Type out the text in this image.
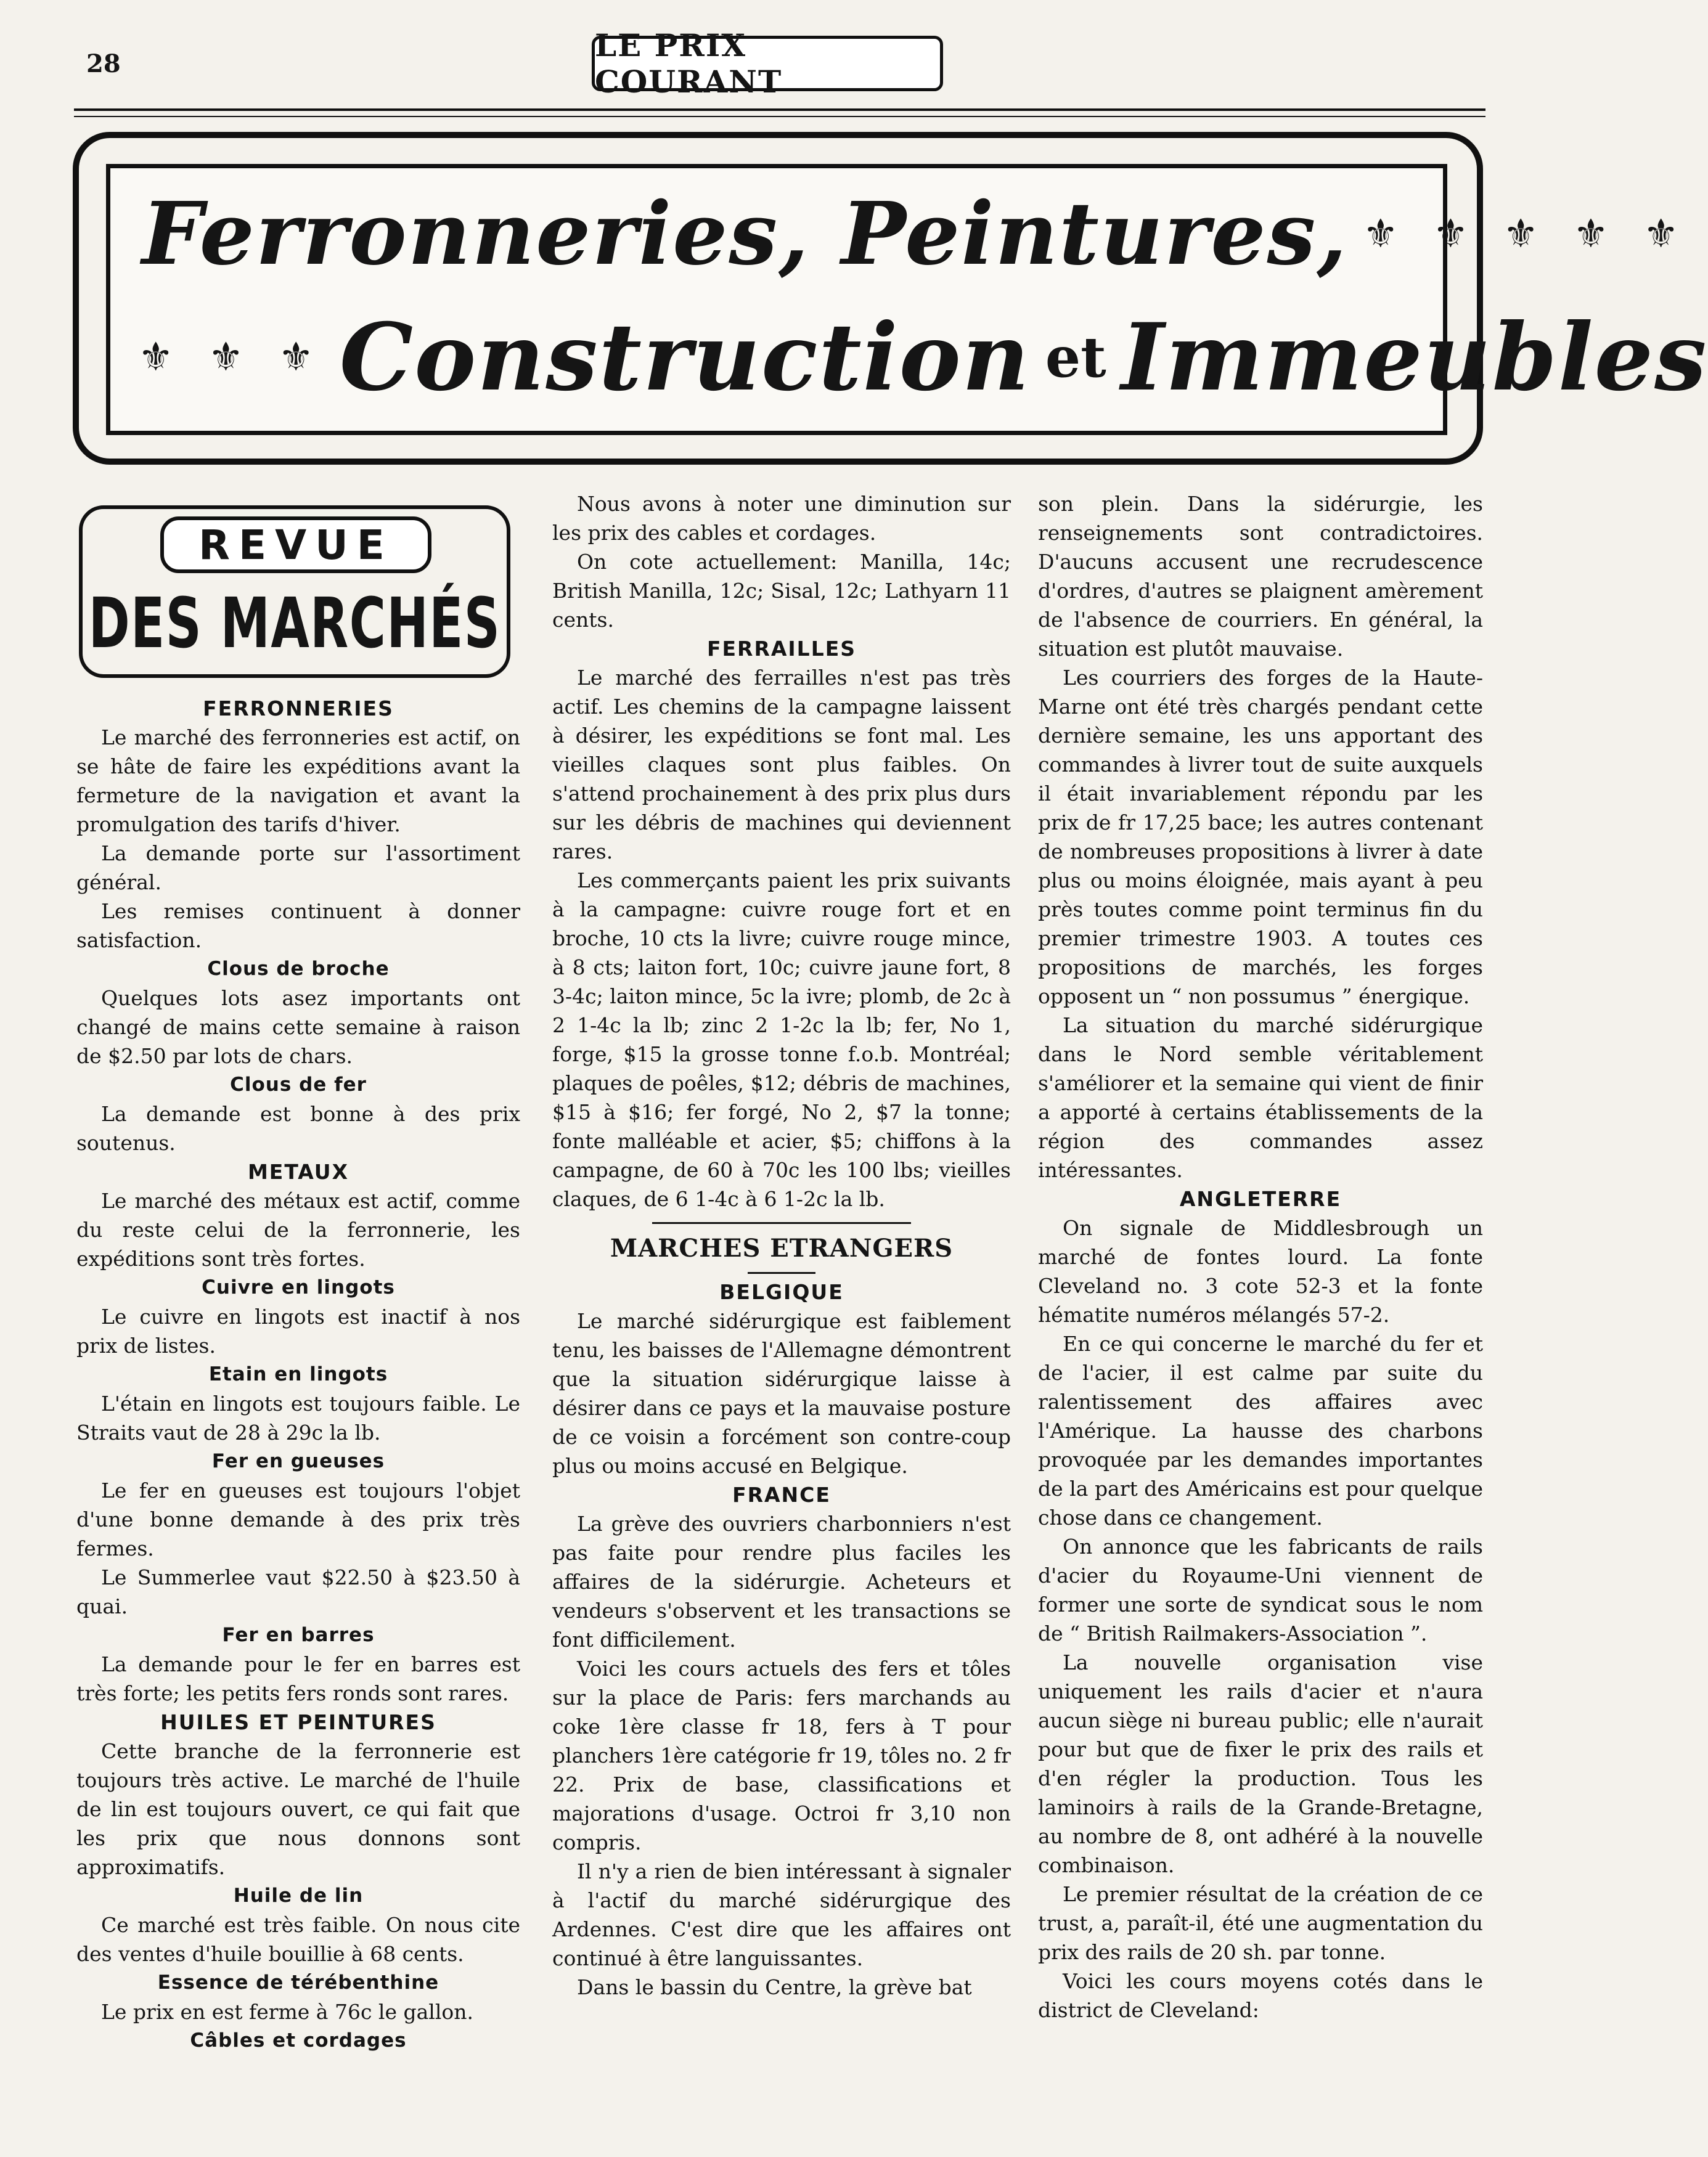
28
LE PRIX COURANT
Ferronneries, Peintures, ⚜ ⚜ ⚜ ⚜ ⚜
⚜ ⚜ ⚜ Construction et Immeubles
REVUE
DES MARCHÉS
FERRONNERIES

Le marché des ferronneries est actif, on se hâte de faire les expéditions avant la fermeture de la navigation et avant la promulgation des tarifs d'hiver.

La demande porte sur l'assortiment général.

Les remises continuent à donner satisfaction.

Clous de broche

Quelques lots asez importants ont changé de mains cette semaine à raison de $2.50 par lots de chars.

Clous de fer

La demande est bonne à des prix soutenus.

METAUX

Le marché des métaux est actif, comme du reste celui de la ferronnerie, les expéditions sont très fortes.

Cuivre en lingots

Le cuivre en lingots est inactif à nos prix de listes.

Etain en lingots

L'étain en lingots est toujours faible. Le Straits vaut de 28 à 29c la lb.

Fer en gueuses

Le fer en gueuses est toujours l'objet d'une bonne demande à des prix très fermes.

Le Summerlee vaut $22.50 à $23.50 à quai.

Fer en barres

La demande pour le fer en barres est très forte; les petits fers ronds sont rares.

HUILES ET PEINTURES

Cette branche de la ferronnerie est toujours très active. Le marché de l'huile de lin est toujours ouvert, ce qui fait que les prix que nous donnons sont approximatifs.

Huile de lin

Ce marché est très faible. On nous cite des ventes d'huile bouillie à 68 cents.

Essence de térébenthine

Le prix en est ferme à 76c le gallon.

Câbles et cordages

Nous avons à noter une diminution sur les prix des cables et cordages.

On cote actuellement: Manilla, 14c; British Manilla, 12c; Sisal, 12c; Lathyarn 11 cents.

FERRAILLES

Le marché des ferrailles n'est pas très actif. Les chemins de la campagne laissent à désirer, les expéditions se font mal. Les vieilles claques sont plus faibles. On s'attend prochainement à des prix plus durs sur les débris de machines qui deviennent rares.

Les commerçants paient les prix suivants à la campagne: cuivre rouge fort et en broche, 10 cts la livre; cuivre rouge mince, à 8 cts; laiton fort, 10c; cuivre jaune fort, 8 3-4c; laiton mince, 5c la ivre; plomb, de 2c à 2 1-4c la lb; zinc 2 1-2c la lb; fer, No 1, forge, $15 la grosse tonne f.o.b. Montréal; plaques de poêles, $12; débris de machines, $15 à $16; fer forgé, No 2, $7 la tonne; fonte malléable et acier, $5; chiffons à la campagne, de 60 à 70c les 100 lbs; vieilles claques, de 6 1-4c à 6 1-2c la lb.

MARCHES ETRANGERS
BELGIQUE

Le marché sidérurgique est faiblement tenu, les baisses de l'Allemagne démontrent que la situation sidérurgique laisse à désirer dans ce pays et la mauvaise posture de ce voisin a forcément son contre-coup plus ou moins accusé en Belgique.

FRANCE

La grève des ouvriers charbonniers n'est pas faite pour rendre plus faciles les affaires de la sidérurgie. Acheteurs et vendeurs s'observent et les transactions se font difficilement.

Voici les cours actuels des fers et tôles sur la place de Paris: fers marchands au coke 1ère classe fr 18, fers à T pour planchers 1ère catégorie fr 19, tôles no. 2 fr 22. Prix de base, classifications et majorations d'usage. Octroi fr 3,10 non compris.

Il n'y a rien de bien intéressant à signaler à l'actif du marché sidérurgique des Ardennes. C'est dire que les affaires ont continué à être languissantes.

Dans le bassin du Centre, la grève bat

son plein. Dans la sidérurgie, les renseignements sont contradictoires. D'aucuns accusent une recrudescence d'ordres, d'autres se plaignent amèrement de l'absence de courriers. En général, la situation est plutôt mauvaise.

Les courriers des forges de la Haute-Marne ont été très chargés pendant cette dernière semaine, les uns apportant des commandes à livrer tout de suite auxquels il était invariablement répondu par les prix de fr 17,25 bace; les autres contenant de nombreuses propositions à livrer à date plus ou moins éloignée, mais ayant à peu près toutes comme point terminus fin du premier trimestre 1903. A toutes ces propositions de marchés, les forges opposent un “ non possumus ” énergique.

La situation du marché sidérurgique dans le Nord semble véritablement s'améliorer et la semaine qui vient de finir a apporté à certains établissements de la région des commandes assez intéressantes.

ANGLETERRE

On signale de Middlesbrough un marché de fontes lourd. La fonte Cleveland no. 3 cote 52-3 et la fonte hématite numéros mélangés 57-2.

En ce qui concerne le marché du fer et de l'acier, il est calme par suite du ralentissement des affaires avec l'Amérique. La hausse des charbons provoquée par les demandes importantes de la part des Américains est pour quelque chose dans ce changement.

On annonce que les fabricants de rails d'acier du Royaume-Uni viennent de former une sorte de syndicat sous le nom de “ British Railmakers-Association ”.

La nouvelle organisation vise uniquement les rails d'acier et n'aura aucun siège ni bureau public; elle n'aurait pour but que de fixer le prix des rails et d'en régler la production. Tous les laminoirs à rails de la Grande-Bretagne, au nombre de 8, ont adhéré à la nouvelle combinaison.

Le premier résultat de la création de ce trust, a, paraît-il, été une augmentation du prix des rails de 20 sh. par tonne.

Voici les cours moyens cotés dans le district de Cleveland:
